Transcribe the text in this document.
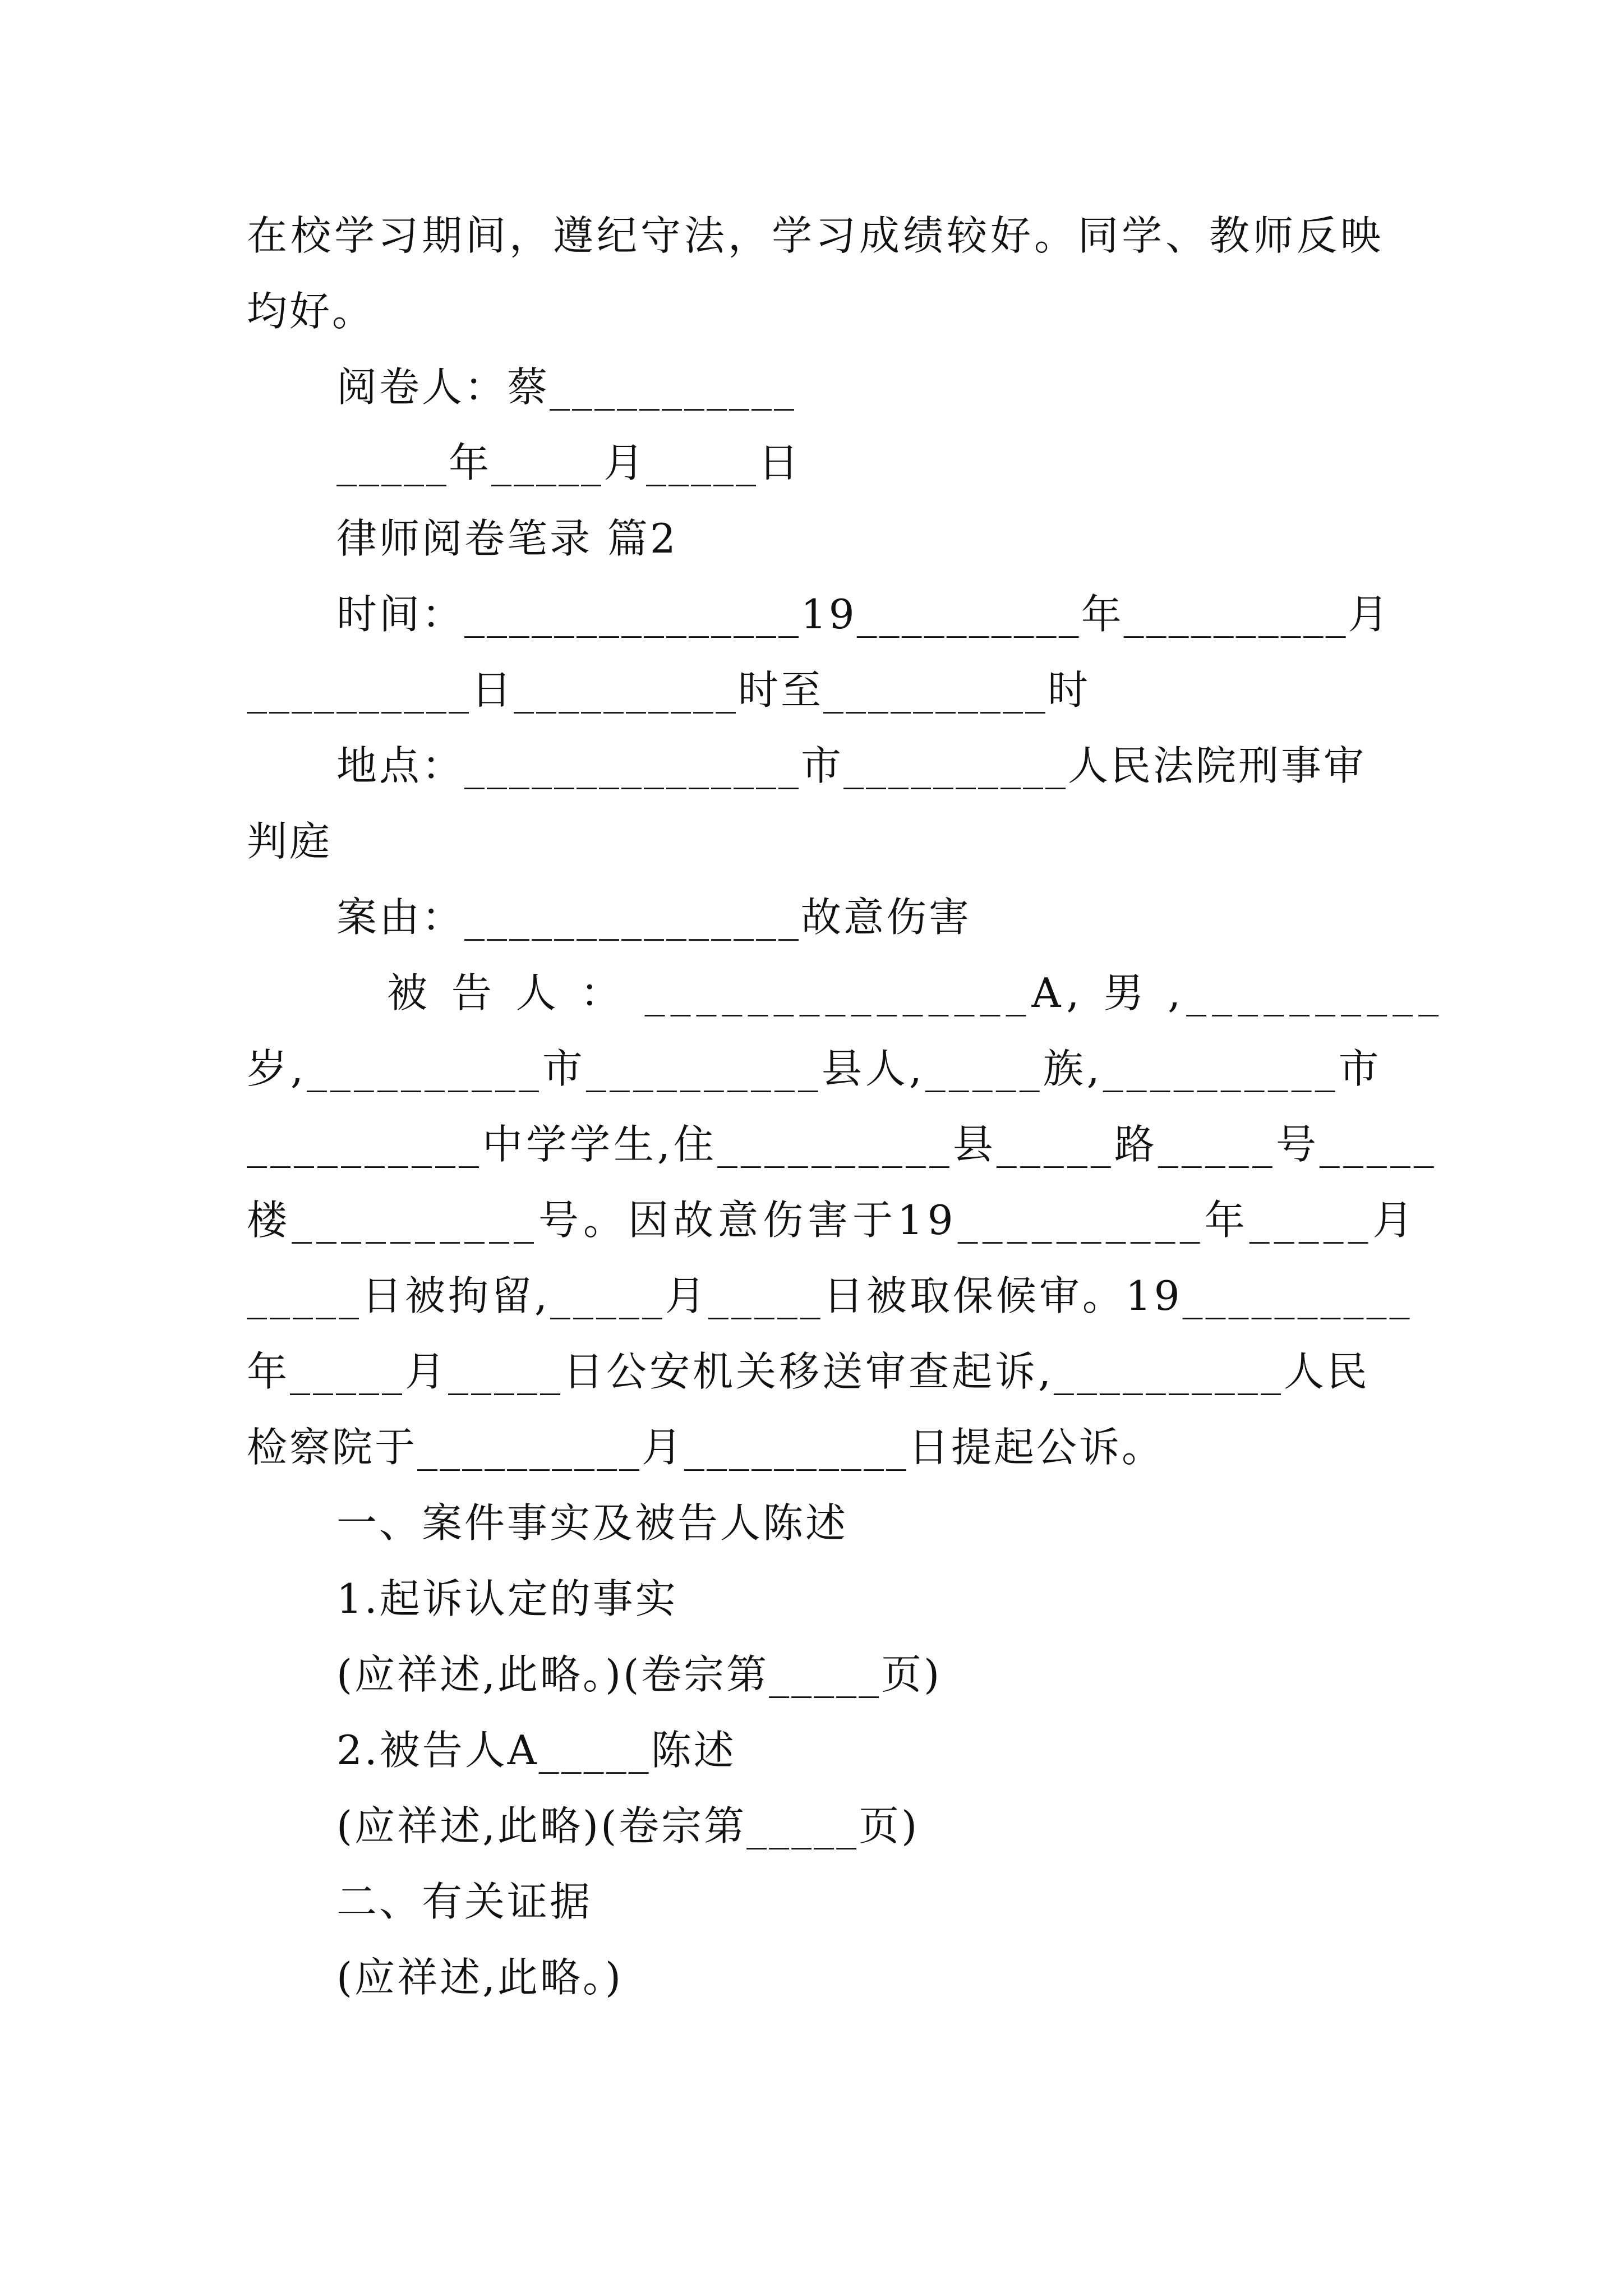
在校学习期间，遵纪守法，学习成绩较好。同学、教师反映
均好。
阅卷人：蔡___________
_____年_____月_____日
律师阅卷笔录 篇2
时间：_______________19__________年__________月
__________日__________时至__________时
地点：_______________市__________人民法院刑事审
判庭
案由：_______________故意伤害
被 告 人 ： _______________A, 男 ,__________
岁,__________市__________县人,_____族,__________市
__________中学学生,住__________县_____路_____号_____
楼__________号。因故意伤害于19__________年_____月
_____日被拘留,_____月_____日被取保候审。19__________
年_____月_____日公安机关移送审查起诉,__________人民
检察院于__________月__________日提起公诉。
一、案件事实及被告人陈述
1.起诉认定的事实
(应祥述,此略。)(卷宗第_____页)
2.被告人A_____陈述
(应祥述,此略)(卷宗第_____页)
二、有关证据
(应祥述,此略。)
